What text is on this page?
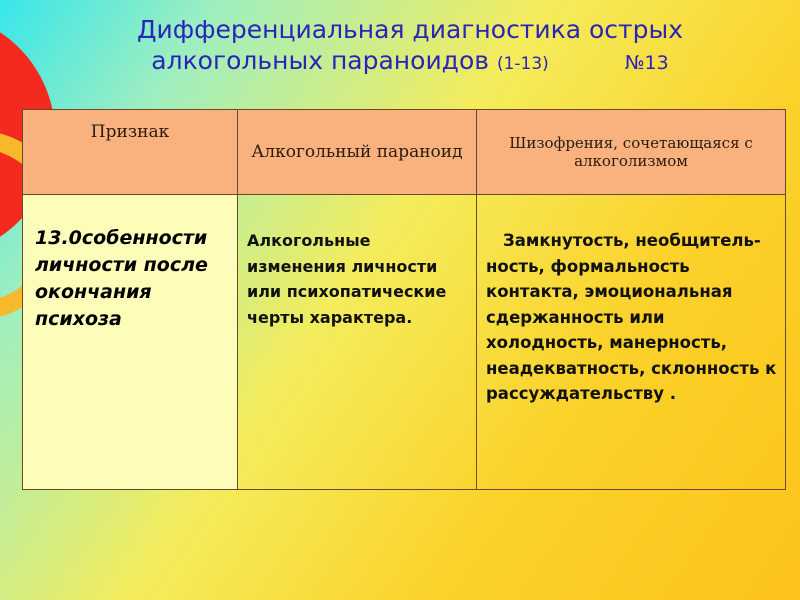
Дифференциальная диагностика острых
алкогольных параноидов (1-13)	№13
Признак	Алкогольный параноид	Шизофрения, сочетающаяся с алкоголизмом

13.0собенности личности после окончания психоза	Алкогольные изменения личности или психопатические черты характера.	Замкнутость, необщитель-ность, формальность контакта, эмоциональная сдержанность или холодность, манерность, неадекватность, склонность к рассуждательству .
